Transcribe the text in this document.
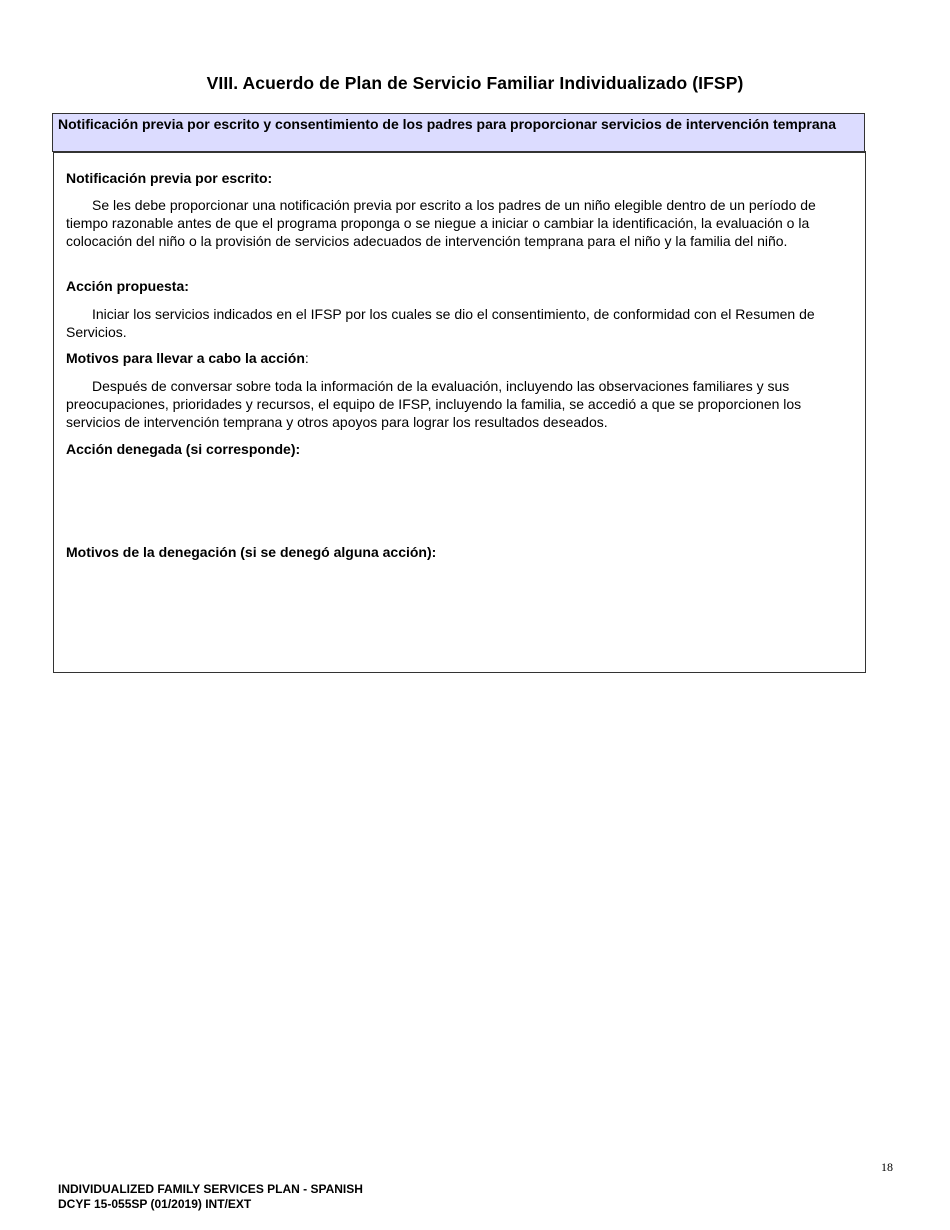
VIII. Acuerdo de Plan de Servicio Familiar Individualizado (IFSP)
Notificación previa por escrito y consentimiento de los padres para proporcionar servicios de intervención temprana
Notificación previa por escrito:
Se les debe proporcionar una notificación previa por escrito a los padres de un niño elegible dentro de un período de tiempo razonable antes de que el programa proponga o se niegue a iniciar o cambiar la identificación, la evaluación o la colocación del niño o la provisión de servicios adecuados de intervención temprana para el niño y la familia del niño.
Acción propuesta:
Iniciar los servicios indicados en el IFSP por los cuales se dio el consentimiento, de conformidad con el Resumen de Servicios.
Motivos para llevar a cabo la acción:
Después de conversar sobre toda la información de la evaluación, incluyendo las observaciones familiares y sus preocupaciones, prioridades y recursos, el equipo de IFSP, incluyendo la familia, se accedió a que se proporcionen los servicios de intervención temprana y otros apoyos para lograr los resultados deseados.
Acción denegada (si corresponde):
Motivos de la denegación (si se denegó alguna acción):
18
INDIVIDUALIZED FAMILY SERVICES PLAN - SPANISH
DCYF 15-055SP (01/2019) INT/EXT
